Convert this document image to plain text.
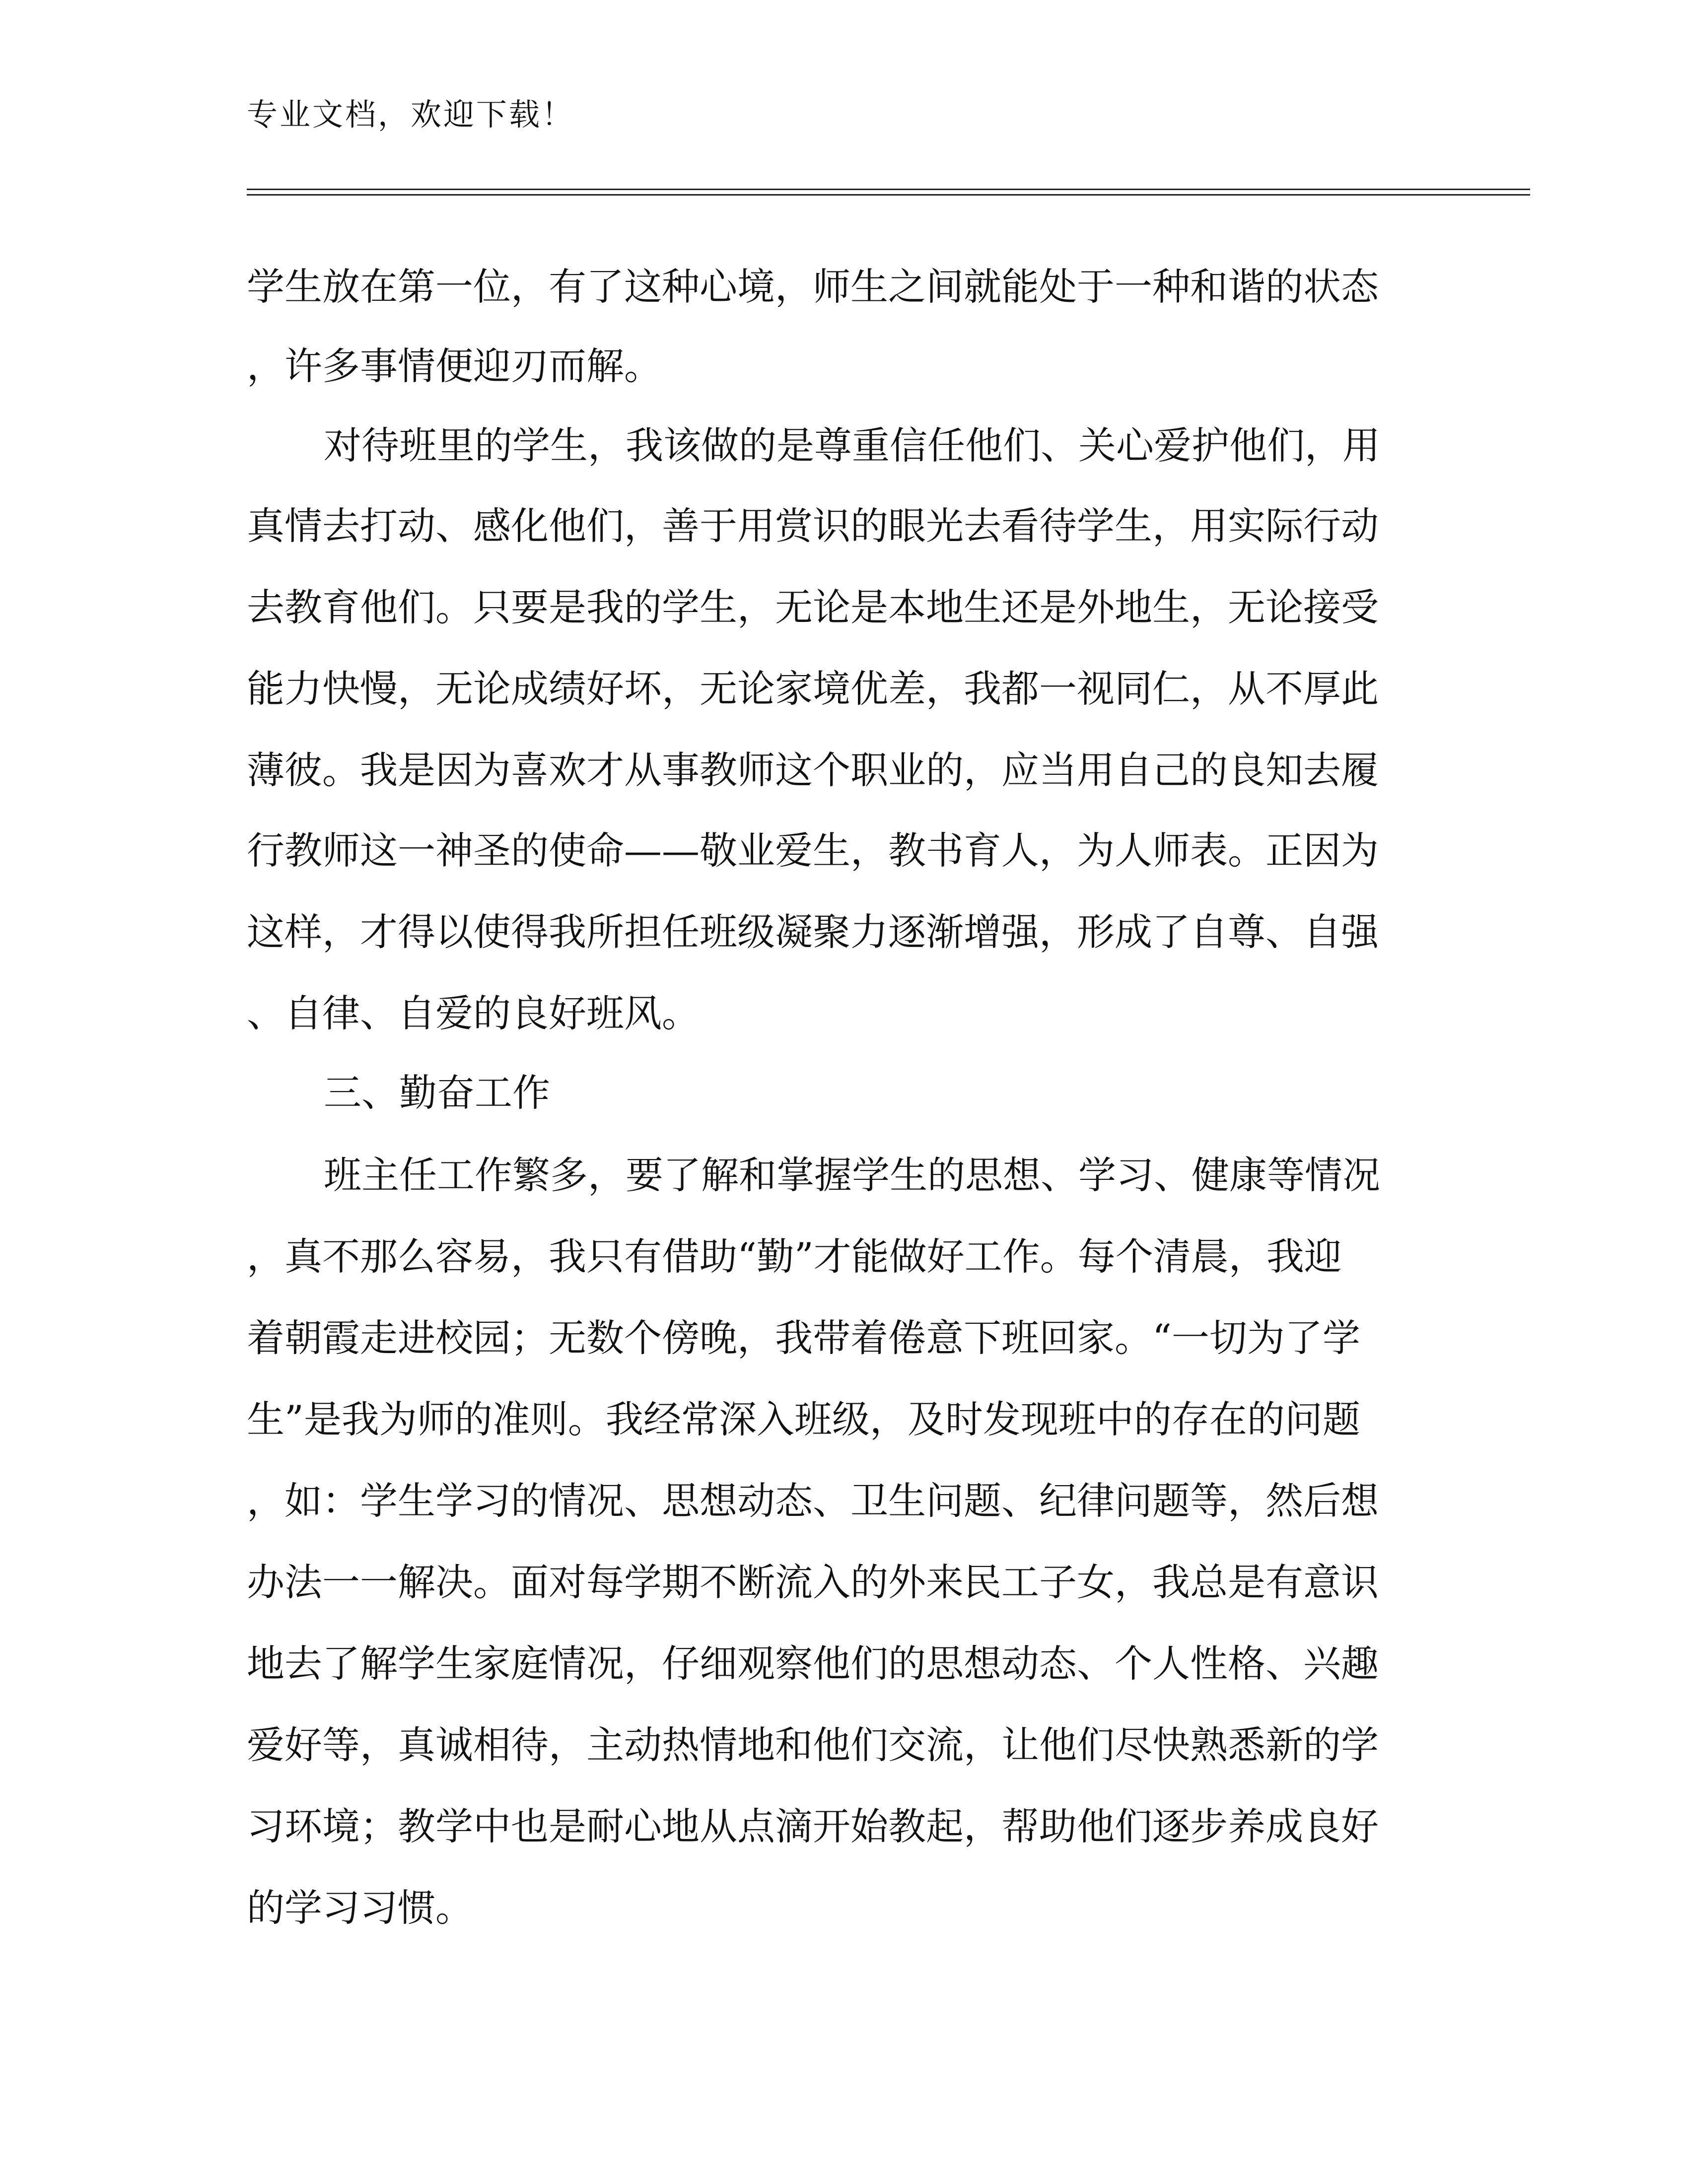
专业文档，欢迎下载！
学生放在第一位，有了这种心境，师生之间就能处于一种和谐的状态
，许多事情便迎刃而解。
对待班里的学生，我该做的是尊重信任他们、关心爱护他们，用
真情去打动、感化他们，善于用赏识的眼光去看待学生，用实际行动
去教育他们。只要是我的学生，无论是本地生还是外地生，无论接受
能力快慢，无论成绩好坏，无论家境优差，我都一视同仁，从不厚此
薄彼。我是因为喜欢才从事教师这个职业的，应当用自己的良知去履
行教师这一神圣的使命——敬业爱生，教书育人，为人师表。正因为
这样，才得以使得我所担任班级凝聚力逐渐增强，形成了自尊、自强
、自律、自爱的良好班风。
三、勤奋工作
班主任工作繁多，要了解和掌握学生的思想、学习、健康等情况
，真不那么容易，我只有借助“勤”才能做好工作。每个清晨，我迎
着朝霞走进校园；无数个傍晚，我带着倦意下班回家。“一切为了学
生”是我为师的准则。我经常深入班级，及时发现班中的存在的问题
，如：学生学习的情况、思想动态、卫生问题、纪律问题等，然后想
办法一一解决。面对每学期不断流入的外来民工子女，我总是有意识
地去了解学生家庭情况，仔细观察他们的思想动态、个人性格、兴趣
爱好等，真诚相待，主动热情地和他们交流，让他们尽快熟悉新的学
习环境；教学中也是耐心地从点滴开始教起，帮助他们逐步养成良好
的学习习惯。
